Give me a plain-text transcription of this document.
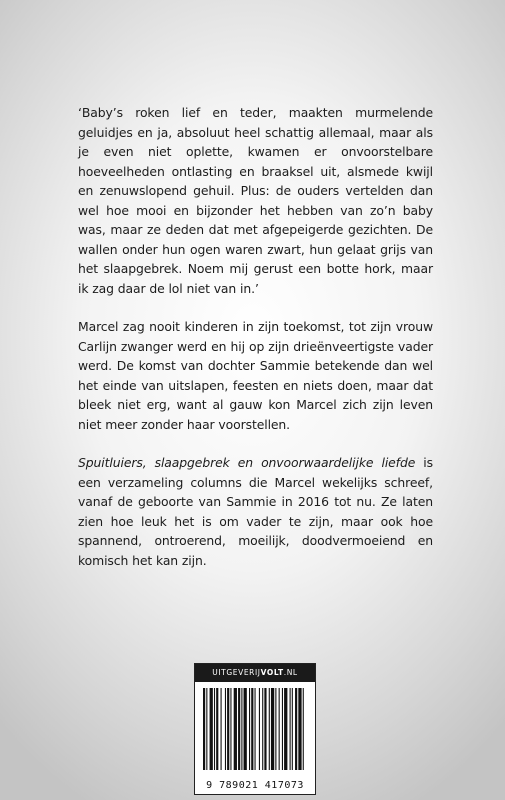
‘Baby’s roken lief en teder, maakten murmelende geluidjes en ja, absoluut heel schattig allemaal, maar als je even niet oplette, kwamen er onvoorstelbare hoeveelheden ontlasting en braaksel uit, alsmede kwijl en zenuwslopend gehuil. Plus: de ouders vertelden dan wel hoe mooi en bijzonder het hebben van zo’n baby was, maar ze deden dat met afgepeigerde gezichten. De wallen onder hun ogen waren zwart, hun gelaat grijs van het slaapgebrek. Noem mij gerust een botte hork, maar ik zag daar de lol niet van in.’

Marcel zag nooit kinderen in zijn toekomst, tot zijn vrouw Carlijn zwanger werd en hij op zijn drieënveertigste vader werd. De komst van dochter Sammie betekende dan wel het einde van uitslapen, feesten en niets doen, maar dat bleek niet erg, want al gauw kon Marcel zich zijn leven niet meer zonder haar voorstellen.

Spuitluiers, slaapgebrek en onvoorwaardelijke liefde is een verzameling columns die Marcel wekelijks schreef, vanaf de geboorte van Sammie in 2016 tot nu. Ze laten zien hoe leuk het is om vader te zijn, maar ook hoe spannend, ontroerend, moeilijk, doodvermoeiend en komisch het kan zijn.

UITGEVERIJVOLT.NL
9 789021 417073
